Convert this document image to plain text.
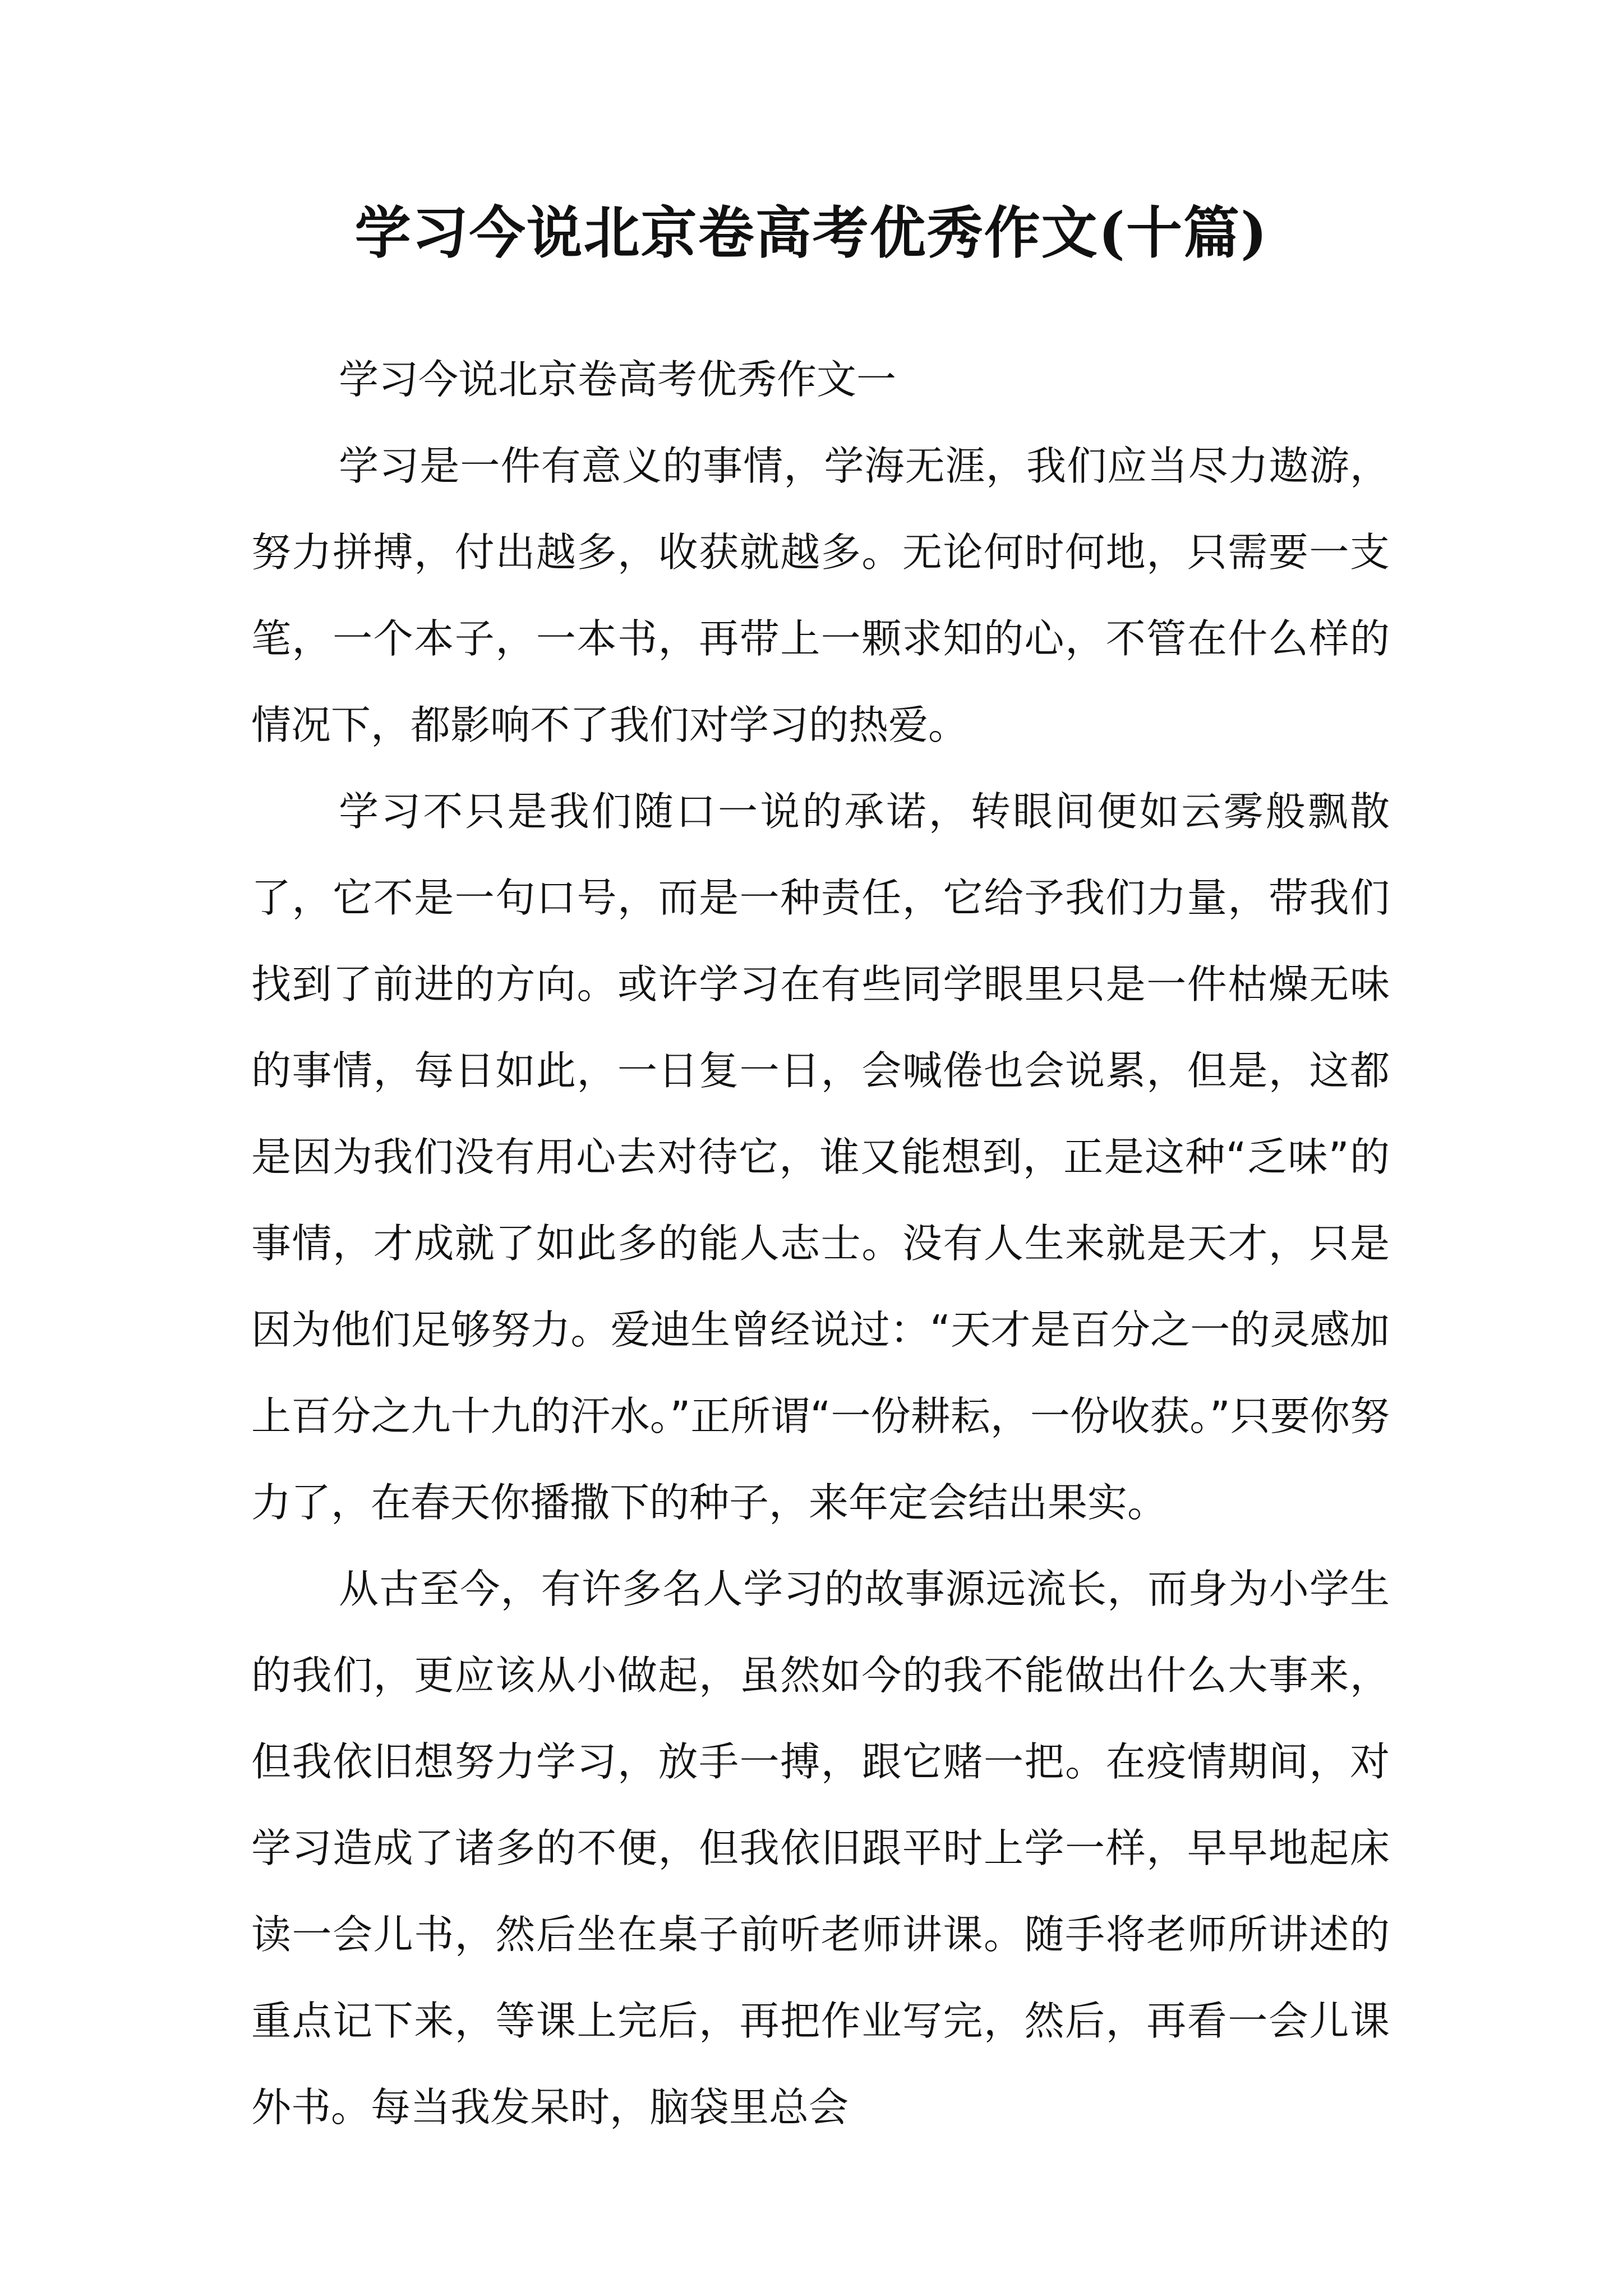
学习今说北京卷高考优秀作文(十篇)
学习今说北京卷高考优秀作文一

学习是一件有意义的事情，学海无涯，我们应当尽力遨游，努力拼搏，付出越多，收获就越多。无论何时何地，只需要一支笔，一个本子，一本书，再带上一颗求知的心，不管在什么样的情况下，都影响不了我们对学习的热爱。

学习不只是我们随口一说的承诺，转眼间便如云雾般飘散了，它不是一句口号，而是一种责任，它给予我们力量，带我们找到了前进的方向。或许学习在有些同学眼里只是一件枯燥无味的事情，每日如此，一日复一日，会喊倦也会说累，但是，这都是因为我们没有用心去对待它，谁又能想到，正是这种“乏味”的事情，才成就了如此多的能人志士。没有人生来就是天才，只是因为他们足够努力。爱迪生曾经说过：“天才是百分之一的灵感加上百分之九十九的汗水。”正所谓“一份耕耘，一份收获。”只要你努力了，在春天你播撒下的种子，来年定会结出果实。

从古至今，有许多名人学习的故事源远流长，而身为小学生的我们，更应该从小做起，虽然如今的我不能做出什么大事来，但我依旧想努力学习，放手一搏，跟它赌一把。在疫情期间，对学习造成了诸多的不便，但我依旧跟平时上学一样，早早地起床读一会儿书，然后坐在桌子前听老师讲课。随手将老师所讲述的重点记下来，等课上完后，再把作业写完，然后，再看一会儿课外书。每当我发呆时，脑袋里总会
